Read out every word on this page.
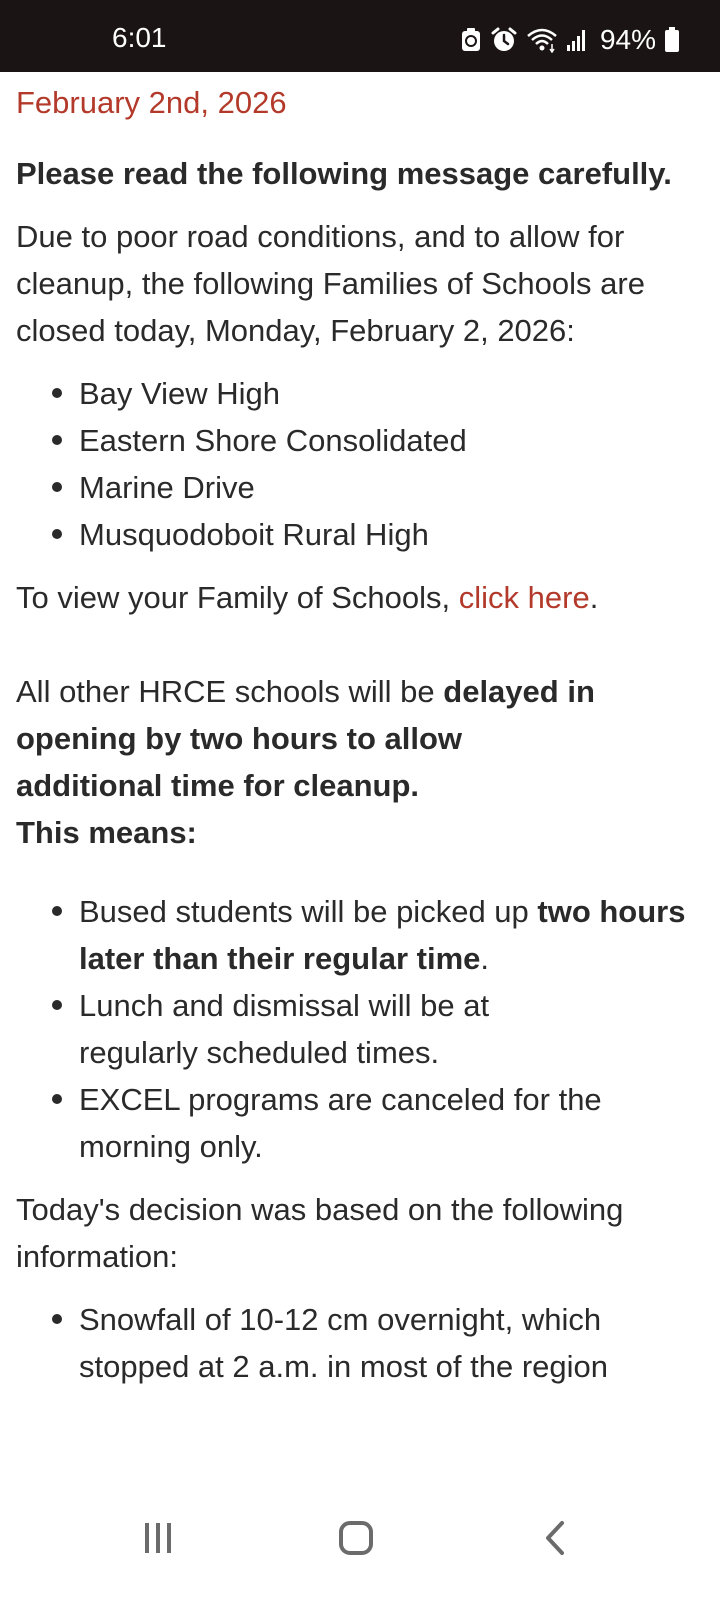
6:01	94%
February 2nd, 2026

Please read the following message carefully.

Due to poor road conditions, and to allow for cleanup, the following Families of Schools are closed today, Monday, February 2, 2026:

Bay View High
Eastern Shore Consolidated
Marine Drive
Musquodoboit Rural High

To view your Family of Schools, click here.

All other HRCE schools will be delayed in opening by two hours to allow additional time for cleanup.

This means:

Bused students will be picked up two hours later than their regular time.
Lunch and dismissal will be at regularly scheduled times.
EXCEL programs are canceled for the morning only.

Today's decision was based on the following information:

Snowfall of 10-12 cm overnight, which stopped at 2 a.m. in most of the region
